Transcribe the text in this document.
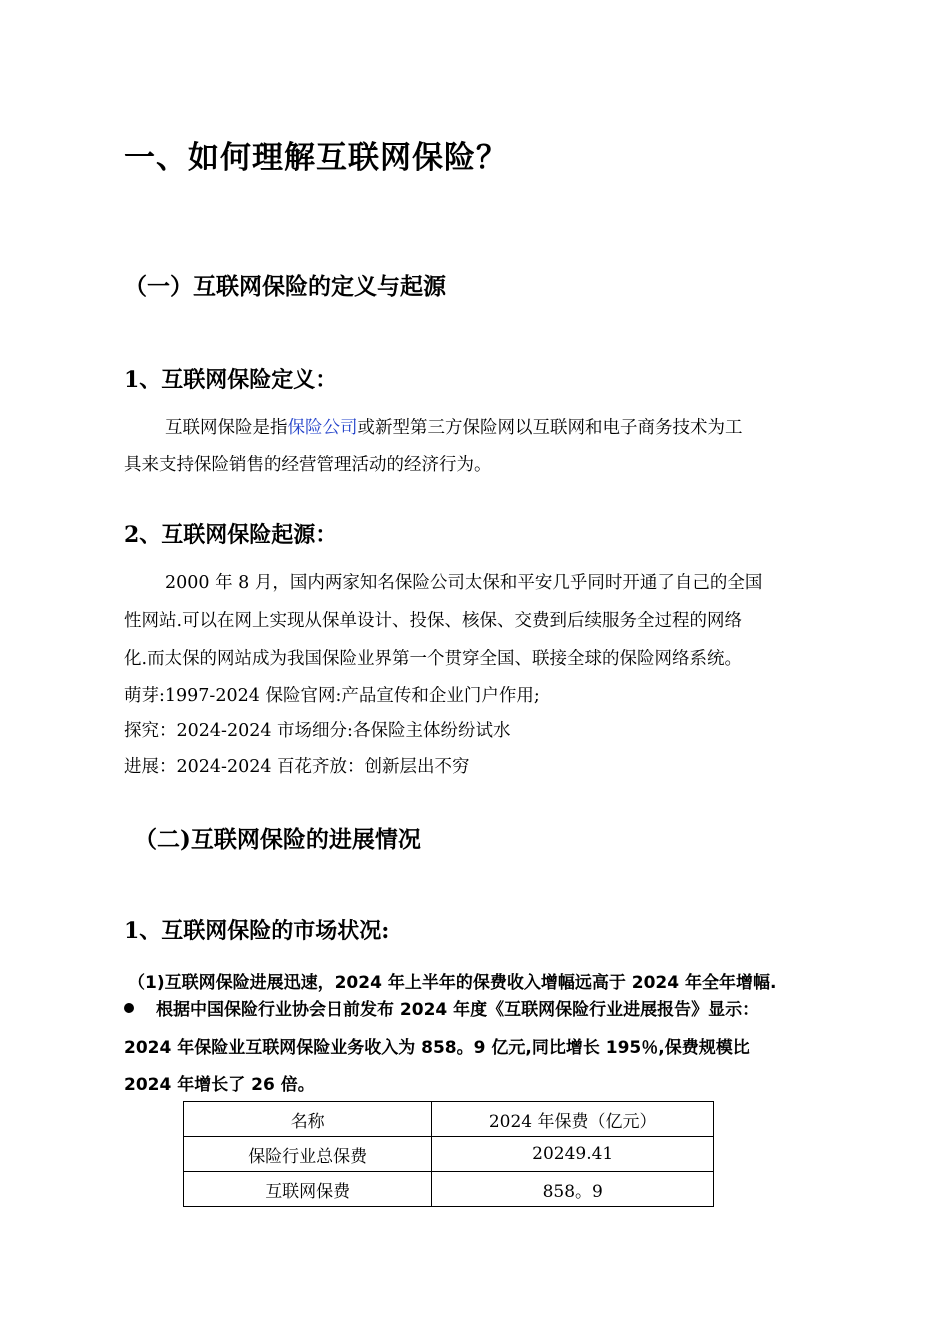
一、如何理解互联网保险？
（一）互联网保险的定义与起源
1、互联网保险定义：
互联网保险是指保险公司或新型第三方保险网以互联网和电子商务技术为工
具来支持保险销售的经营管理活动的经济行为。
2、互联网保险起源：
2000 年 8 月，国内两家知名保险公司太保和平安几乎同时开通了自己的全国
性网站.可以在网上实现从保单设计、投保、核保、交费到后续服务全过程的网络
化.而太保的网站成为我国保险业界第一个贯穿全国、联接全球的保险网络系统。
萌芽:1997-2024 保险官网:产品宣传和企业门户作用;
探究：2024-2024 市场细分:各保险主体纷纷试水
进展：2024-2024 百花齐放：创新层出不穷
（二)互联网保险的进展情况
1、互联网保险的市场状况:
（1)互联网保险进展迅速，2024 年上半年的保费收入增幅远高于 2024 年全年增幅.
根据中国保险行业协会日前发布 2024 年度《互联网保险行业进展报告》显示：
2024 年保险业互联网保险业务收入为 858。9 亿元,同比增长 195％,保费规模比
2024 年增长了 26 倍。
名称	2024 年保费（亿元）
保险行业总保费	20249.41
互联网保费	858。9
